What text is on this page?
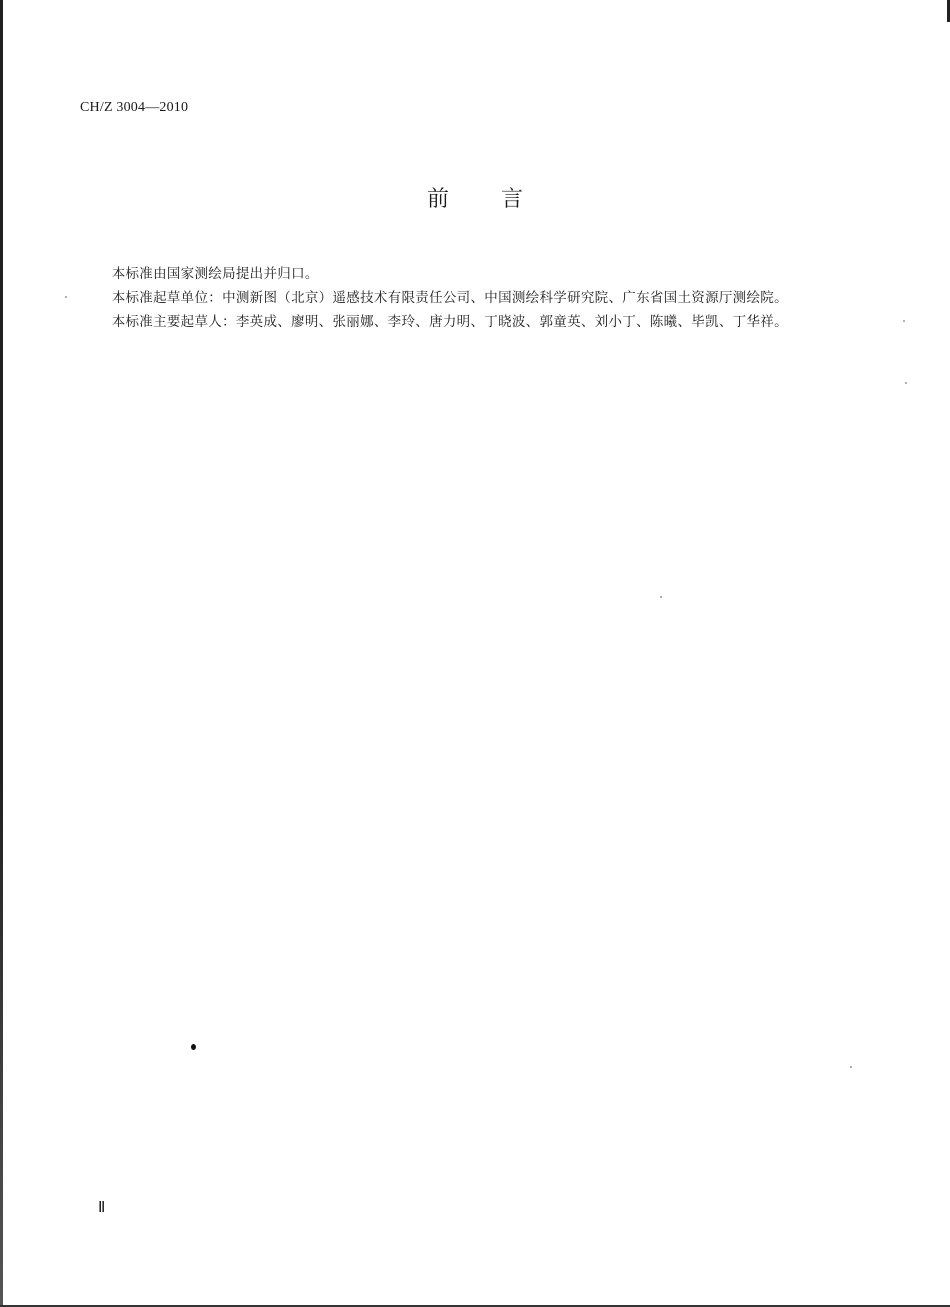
CH/Z 3004—2010
前言

本标准由国家测绘局提出并归口。

本标准起草单位：中测新图（北京）遥感技术有限责任公司、中国测绘科学研究院、广东省国土资源厅测绘院。

本标准主要起草人：李英成、廖明、张丽娜、李玲、唐力明、丁晓波、郭童英、刘小丁、陈曦、毕凯、丁华祥。

Ⅱ
